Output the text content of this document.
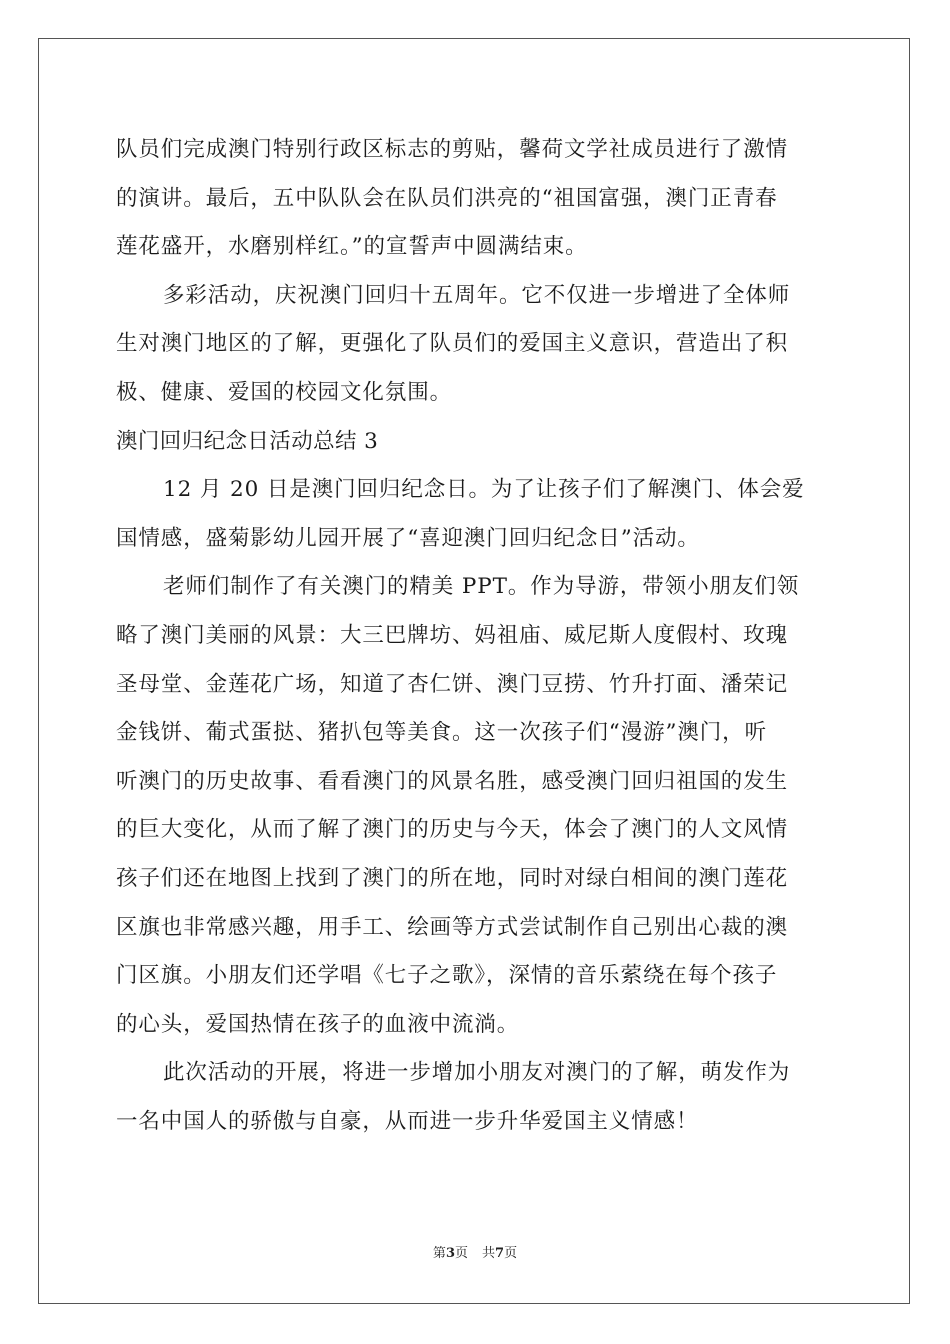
队员们完成澳门特别行政区标志的剪贴，馨荷文学社成员进行了激情
的演讲。最后，五中队队会在队员们洪亮的“祖国富强，澳门正青春
莲花盛开，水磨别样红。”的宣誓声中圆满结束。
多彩活动，庆祝澳门回归十五周年。它不仅进一步增进了全体师
生对澳门地区的了解，更强化了队员们的爱国主义意识，营造出了积
极、健康、爱国的校园文化氛围。
澳门回归纪念日活动总结 3
12 月 20 日是澳门回归纪念日。为了让孩子们了解澳门、体会爱
国情感，盛菊影幼儿园开展了“喜迎澳门回归纪念日”活动。
老师们制作了有关澳门的精美 PPT。作为导游，带领小朋友们领
略了澳门美丽的风景：大三巴牌坊、妈祖庙、威尼斯人度假村、玫瑰
圣母堂、金莲花广场，知道了杏仁饼、澳门豆捞、竹升打面、潘荣记
金钱饼、葡式蛋挞、猪扒包等美食。这一次孩子们“漫游”澳门，听
听澳门的历史故事、看看澳门的风景名胜，感受澳门回归祖国的发生
的巨大变化，从而了解了澳门的历史与今天，体会了澳门的人文风情
孩子们还在地图上找到了澳门的所在地，同时对绿白相间的澳门莲花
区旗也非常感兴趣，用手工、绘画等方式尝试制作自己别出心裁的澳
门区旗。小朋友们还学唱《七子之歌》，深情的音乐萦绕在每个孩子
的心头，爱国热情在孩子的血液中流淌。
此次活动的开展，将进一步增加小朋友对澳门的了解，萌发作为
一名中国人的骄傲与自豪，从而进一步升华爱国主义情感！
第3页 共7页
